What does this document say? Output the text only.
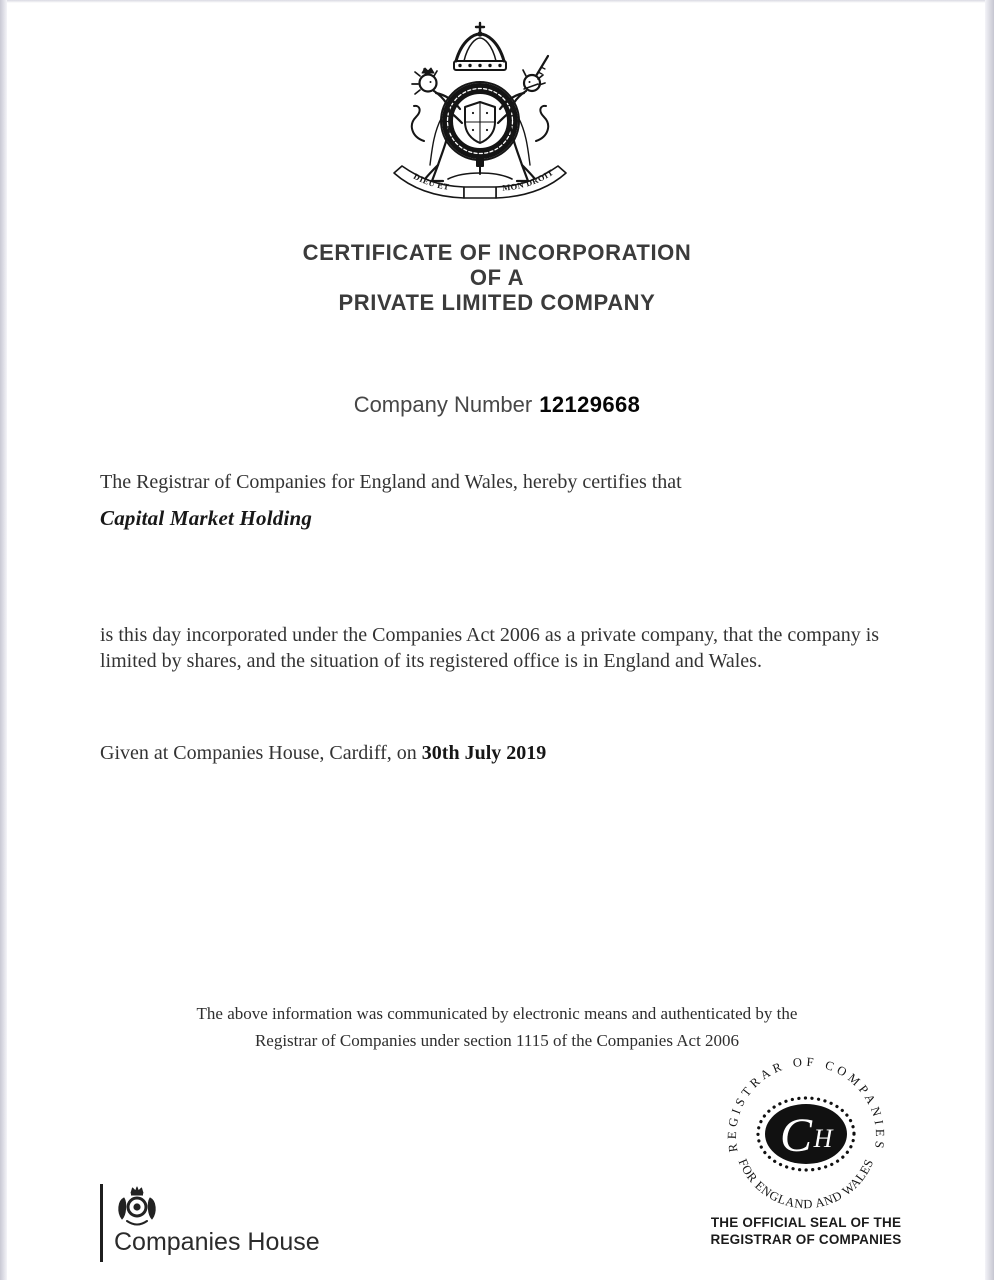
DIEU ET	MON DROIT
CERTIFICATE OF INCORPORATION
OF A
PRIVATE LIMITED COMPANY
Company Number 12129668
The Registrar of Companies for England and Wales, hereby certifies that
Capital Market Holding
is this day incorporated under the Companies Act 2006 as a private company, that the company is limited by shares, and the situation of its registered office is in England and Wales.
Given at Companies House, Cardiff, on 30th July 2019
The above information was communicated by electronic means and authenticated by the
Registrar of Companies under section 1115 of the Companies Act 2006
REGISTRAR OF COMPANIES
FOR ENGLAND AND WALES
C H
THE OFFICIAL SEAL OF THE
REGISTRAR OF COMPANIES
Companies House
